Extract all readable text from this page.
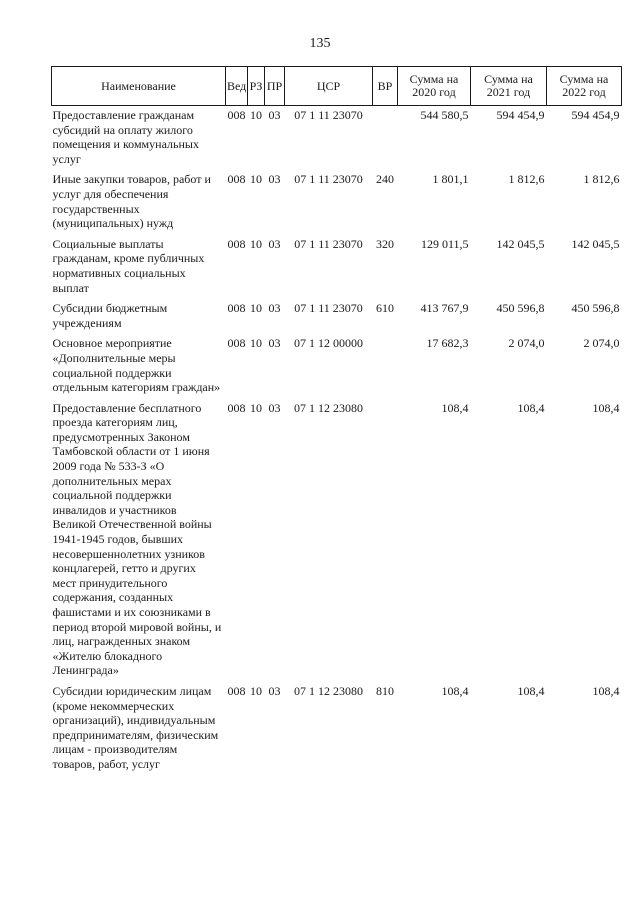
135
Наименование	Вед	РЗ	ПР	ЦСР	ВР	Сумма на 2020 год	Сумма на 2021 год	Сумма на 2022 год
Предоставление гражданам субсидий на оплату жилого помещения и коммунальных услуг	008	10	03	07 1 11 23070		544 580,5	594 454,9	594 454,9
Иные закупки товаров, работ и услуг для обеспечения государственных (муниципальных) нужд	008	10	03	07 1 11 23070	240	1 801,1	1 812,6	1 812,6
Социальные выплаты гражданам, кроме публичных нормативных социальных выплат	008	10	03	07 1 11 23070	320	129 011,5	142 045,5	142 045,5
Субсидии бюджетным учреждениям	008	10	03	07 1 11 23070	610	413 767,9	450 596,8	450 596,8
Основное мероприятие «Дополнительные меры социальной поддержки отдельным категориям граждан»	008	10	03	07 1 12 00000		17 682,3	2 074,0	2 074,0
Предоставление бесплатного проезда категориям лиц, предусмотренных Законом Тамбовской области от 1 июня 2009 года № 533-З «О дополнительных мерах социальной поддержки инвалидов и участников Великой Отечественной войны 1941-1945 годов, бывших несовершеннолетних узников концлагерей, гетто и других мест принудительного содержания, созданных фашистами и их союзниками в период второй мировой войны, и лиц, награжденных знаком «Жителю блокадного Ленинграда»	008	10	03	07 1 12 23080		108,4	108,4	108,4
Субсидии юридическим лицам (кроме некоммерческих организаций), индивидуальным предпринимателям, физическим лицам - производителям товаров, работ, услуг	008	10	03	07 1 12 23080	810	108,4	108,4	108,4
